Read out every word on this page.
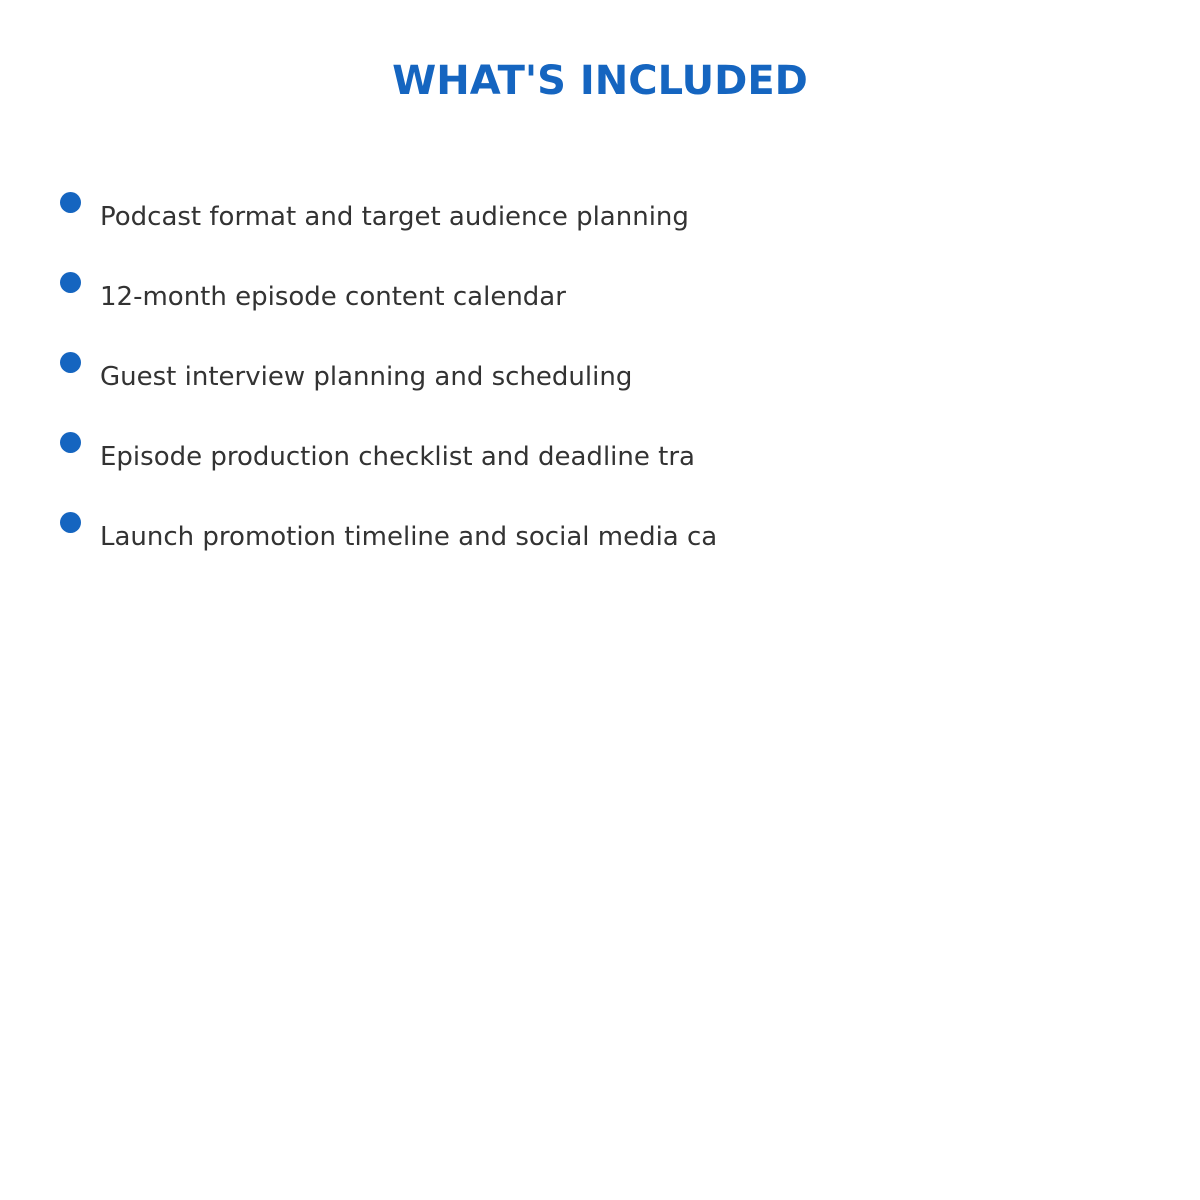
WHAT'S INCLUDED
Podcast format and target audience planning
12-month episode content calendar
Guest interview planning and scheduling
Episode production checklist and deadline tra
Launch promotion timeline and social media ca
